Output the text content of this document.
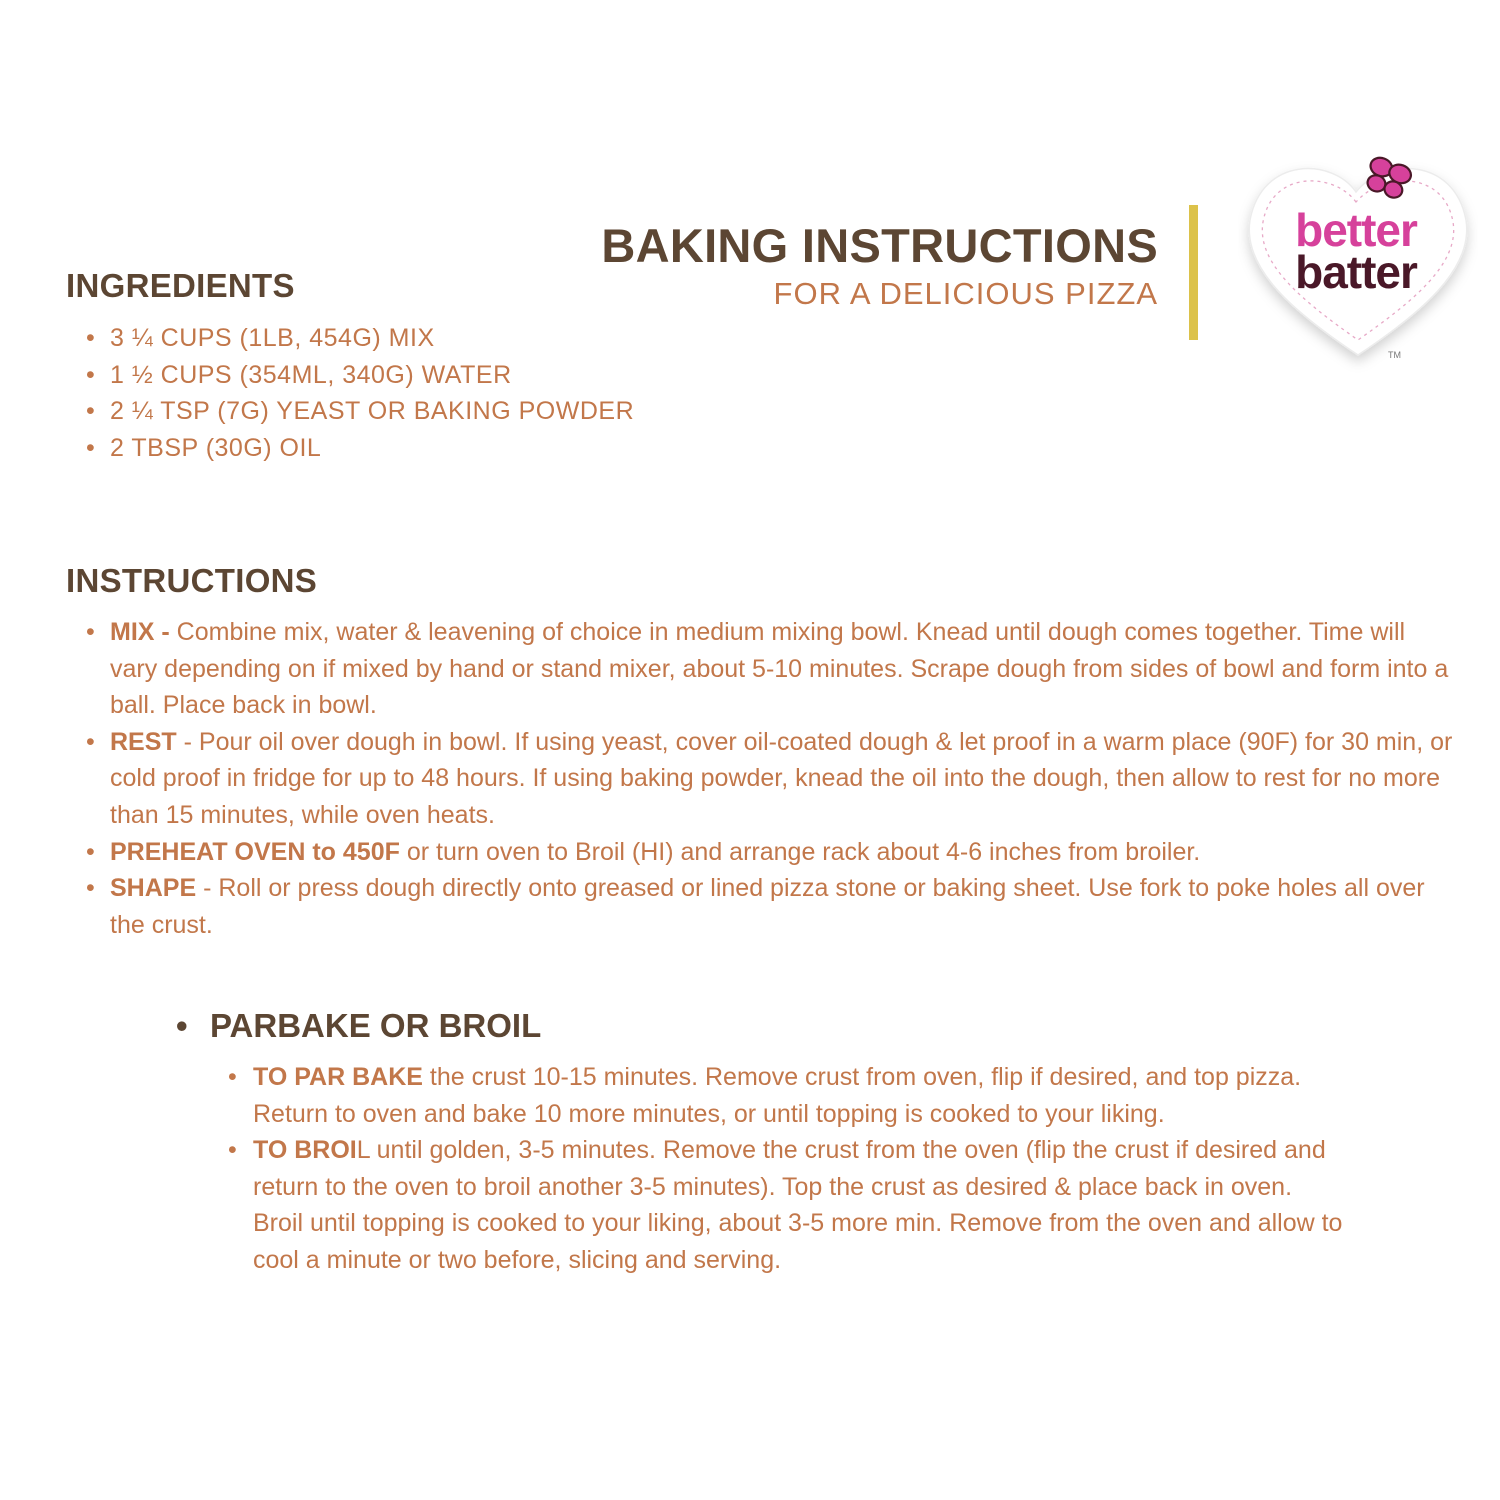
BAKING INSTRUCTIONS
FOR A DELICIOUS PIZZA
better
batter
TM
INGREDIENTS
• 3 ¼ CUPS (1LB, 454G) MIX
• 1 ½ CUPS (354ML, 340G) WATER
• 2 ¼ TSP (7G) YEAST OR BAKING POWDER
• 2 TBSP (30G) OIL
INSTRUCTIONS
• MIX - Combine mix, water & leavening of choice in medium mixing bowl. Knead until dough comes together. Time will vary depending on if mixed by hand or stand mixer, about 5-10 minutes. Scrape dough from sides of bowl and form into a ball. Place back in bowl.
• REST - Pour oil over dough in bowl. If using yeast, cover oil-coated dough & let proof in a warm place (90F) for 30 min, or cold proof in fridge for up to 48 hours. If using baking powder, knead the oil into the dough, then allow to rest for no more than 15 minutes, while oven heats.
• PREHEAT OVEN to 450F or turn oven to Broil (HI) and arrange rack about 4-6 inches from broiler.
• SHAPE - Roll or press dough directly onto greased or lined pizza stone or baking sheet. Use fork to poke holes all over the crust.
• PARBAKE OR BROIL
• TO PAR BAKE the crust 10-15 minutes. Remove crust from oven, flip if desired, and top pizza. Return to oven and bake 10 more minutes, or until topping is cooked to your liking.
• TO BROIL until golden, 3-5 minutes. Remove the crust from the oven (flip the crust if desired and return to the oven to broil another 3-5 minutes). Top the crust as desired & place back in oven. Broil until topping is cooked to your liking, about 3-5 more min. Remove from the oven and allow to cool a minute or two before, slicing and serving.
